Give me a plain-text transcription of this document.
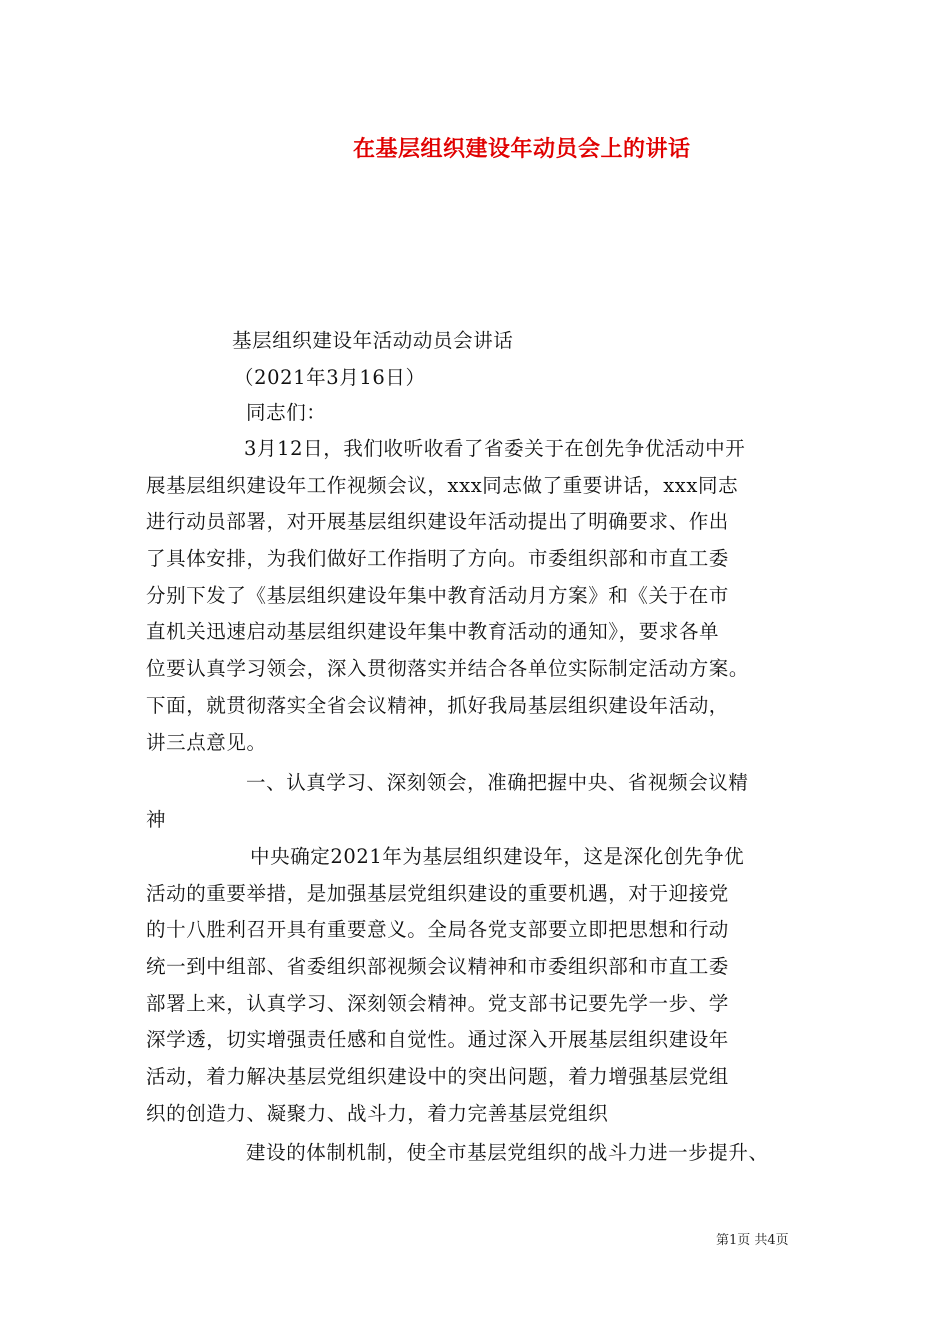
在基层组织建设年动员会上的讲话
基层组织建设年活动动员会讲话
（2021年3月16日）
同志们：
3月12日，我们收听收看了省委关于在创先争优活动中开
展基层组织建设年工作视频会议，xxx同志做了重要讲话，xxx同志
进行动员部署，对开展基层组织建设年活动提出了明确要求、作出
了具体安排，为我们做好工作指明了方向。市委组织部和市直工委
分别下发了《基层组织建设年集中教育活动月方案》和《关于在市
直机关迅速启动基层组织建设年集中教育活动的通知》，要求各单
位要认真学习领会，深入贯彻落实并结合各单位实际制定活动方案。
下面，就贯彻落实全省会议精神，抓好我局基层组织建设年活动，
讲三点意见。
一、认真学习、深刻领会，准确把握中央、省视频会议精
神
中央确定2021年为基层组织建设年，这是深化创先争优
活动的重要举措，是加强基层党组织建设的重要机遇，对于迎接党
的十八胜利召开具有重要意义。全局各党支部要立即把思想和行动
统一到中组部、省委组织部视频会议精神和市委组织部和市直工委
部署上来，认真学习、深刻领会精神。党支部书记要先学一步、学
深学透，切实增强责任感和自觉性。通过深入开展基层组织建设年
活动，着力解决基层党组织建设中的突出问题，着力增强基层党组
织的创造力、凝聚力、战斗力，着力完善基层党组织
建设的体制机制，使全市基层党组织的战斗力进一步提升、
第1页 共4页
